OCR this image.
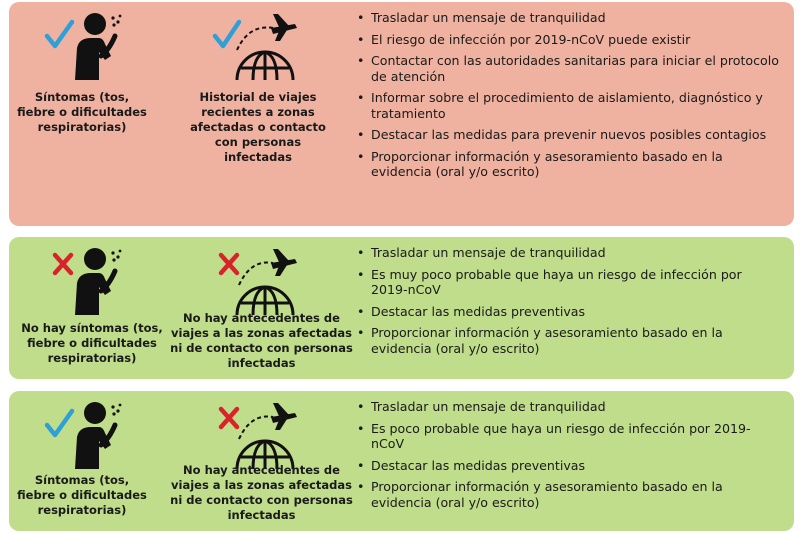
Síntomas (tos, fiebre o dificultades respiratorias)
Historial de viajes recientes a zonas afectadas o contacto con personas infectadas
• Trasladar un mensaje de tranquilidad
• El riesgo de infección por 2019-nCoV puede existir
• Contactar con las autoridades sanitarias para iniciar el protocolo de atención
• Informar sobre el procedimiento de aislamiento, diagnóstico y tratamiento
• Destacar las medidas para prevenir nuevos posibles contagios
• Proporcionar información y asesoramiento basado en la evidencia (oral y/o escrito)
No hay síntomas (tos, fiebre o dificultades respiratorias)
No hay antecedentes de viajes a las zonas afectadas ni de contacto con personas infectadas
• Trasladar un mensaje de tranquilidad
• Es muy poco probable que haya un riesgo de infección por 2019-nCoV
• Destacar las medidas preventivas
• Proporcionar información y asesoramiento basado en la evidencia (oral y/o escrito)
Síntomas (tos, fiebre o dificultades respiratorias)
No hay antecedentes de viajes a las zonas afectadas ni de contacto con personas infectadas
• Trasladar un mensaje de tranquilidad
• Es poco probable que haya un riesgo de infección por 2019-nCoV
• Destacar las medidas preventivas
• Proporcionar información y asesoramiento basado en la evidencia (oral y/o escrito)
